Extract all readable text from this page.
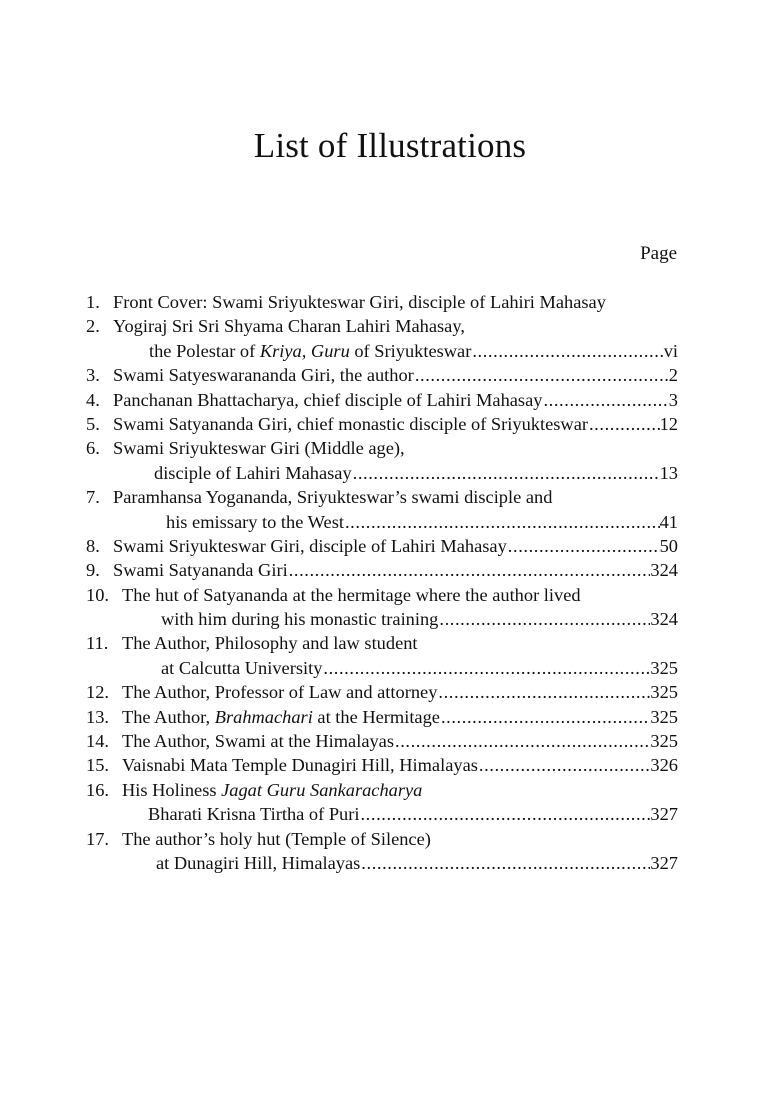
List of Illustrations
Page
1. Front Cover: Swami Sriyukteswar Giri, disciple of Lahiri Mahasay
2. Yogiraj Sri Sri Shyama Charan Lahiri Mahasay,
the Polestar of Kriya, Guru of Sriyukteswar .....	vi
3. Swami Satyeswarananda Giri, the author .....	2
4. Panchanan Bhattacharya, chief disciple of Lahiri Mahasay .....	3
5. Swami Satyananda Giri, chief monastic disciple of Sriyukteswar .....	12
6. Swami Sriyukteswar Giri (Middle age),
disciple of Lahiri Mahasay .....	13
7. Paramhansa Yogananda, Sriyukteswar’s swami disciple and
his emissary to the West .....	41
8. Swami Sriyukteswar Giri, disciple of Lahiri Mahasay .....	50
9. Swami Satyananda Giri .....	324
10. The hut of Satyananda at the hermitage where the author lived
with him during his monastic training .....	324
11. The Author, Philosophy and law student
at Calcutta University .....	325
12. The Author, Professor of Law and attorney .....	325
13. The Author, Brahmachari at the Hermitage .....	325
14. The Author, Swami at the Himalayas .....	325
15. Vaisnabi Mata Temple Dunagiri Hill, Himalayas .....	326
16. His Holiness Jagat Guru Sankaracharya
Bharati Krisna Tirtha of Puri .....	327
17. The author’s holy hut (Temple of Silence)
at Dunagiri Hill, Himalayas .....	327
